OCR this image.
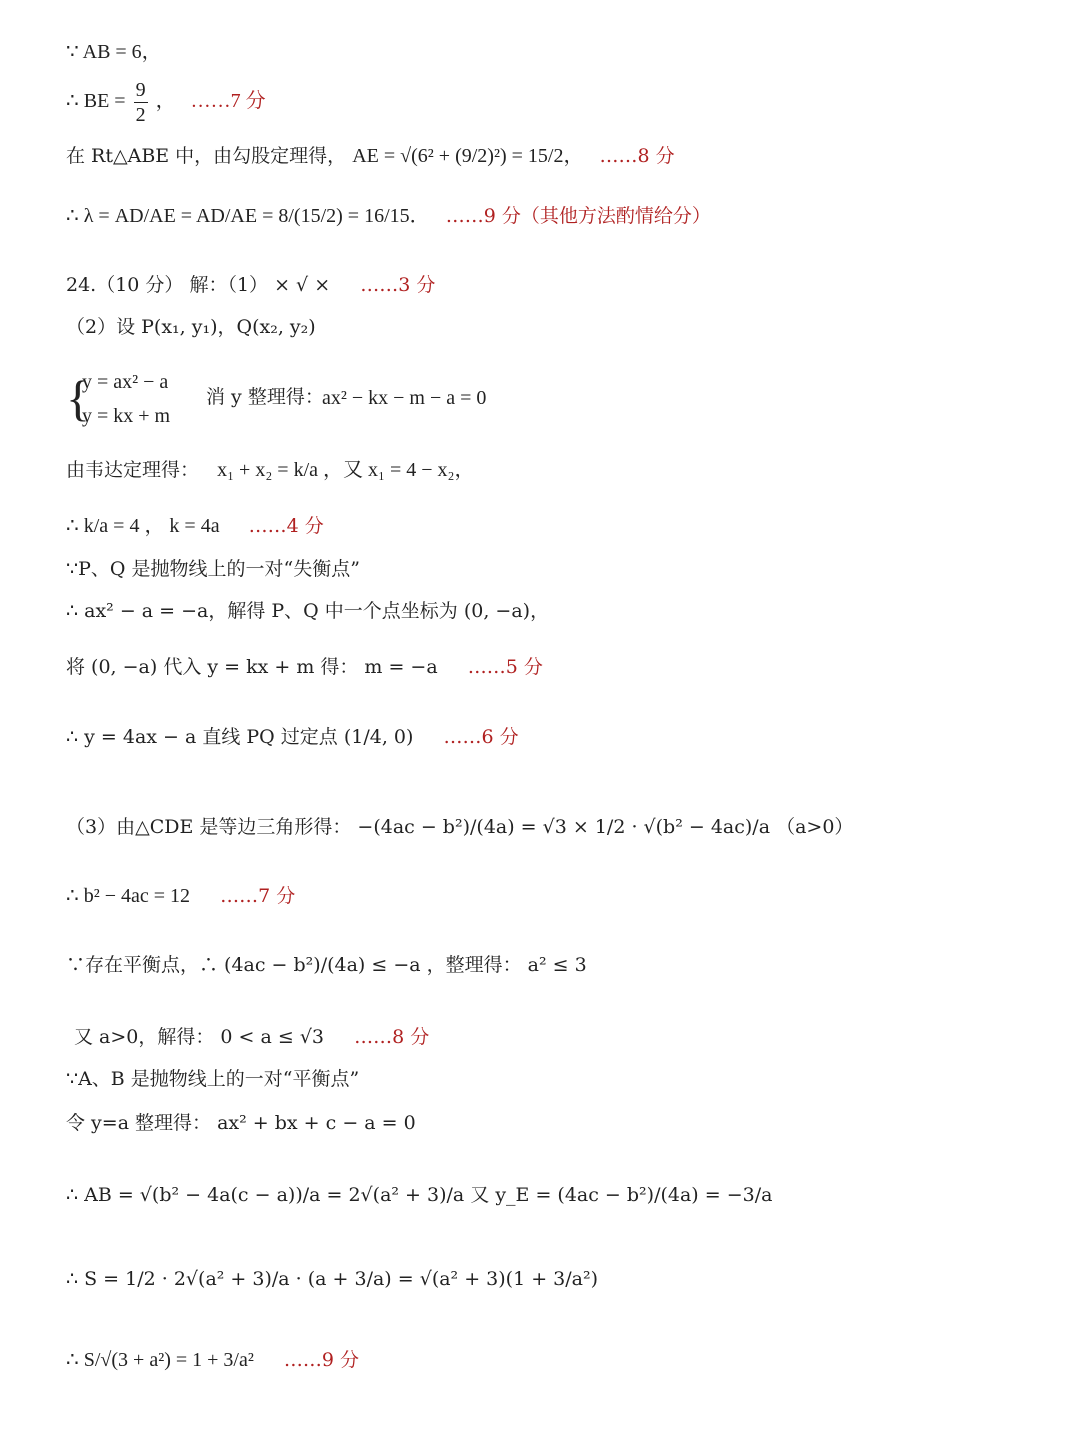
∵ AB = 6，
∴ BE = $\frac{9}{2}$ ， ……7 分
在 Rt△ABE 中，由勾股定理得， AE = √(6² + (9/2)²) = 15/2， ……8 分
∴ λ = AD/AE = AD/AE = 8/(15/2) = 16/15． ……9 分（其他方法酌情给分）
24.（10 分） 解：（1） × √ × ……3 分
（2）设 P(x₁, y₁)，Q(x₂, y₂)
{
y = ax² − a
y = kx + m
消 y 整理得：
ax² − kx − m − a = 0
由韦达定理得： x₁ + x₂ = k/a ，又 x₁ = 4 − x₂，
∴ k/a = 4 ， k = 4a ……4 分
∵P、Q 是抛物线上的一对“失衡点”
∴ ax² − a = −a，解得 P、Q 中一个点坐标为 (0, −a)，
将 (0, −a) 代入 y = kx + m 得： m = −a ……5 分
∴ y = 4ax − a 直线 PQ 过定点 (1/4, 0) ……6 分
（3）由△CDE 是等边三角形得： −(4ac − b²)/(4a) = √3 × 1/2 · √(b² − 4ac)/a （a>0）
∴ b² − 4ac = 12 ……7 分
∵存在平衡点，∴ (4ac − b²)/(4a) ≤ −a ，整理得： a² ≤ 3
又 a>0，解得： 0 < a ≤ √3 ……8 分
∵A、B 是抛物线上的一对“平衡点”
令 y=a 整理得： ax² + bx + c − a = 0
∴ AB = √(b² − 4a(c − a))/a = 2√(a² + 3)/a 又 y_E = (4ac − b²)/(4a) = −3/a
∴ S = 1/2 · 2√(a² + 3)/a · (a + 3/a) = √(a² + 3)(1 + 3/a²)
∴ S/√(3 + a²) = 1 + 3/a² ……9 分
